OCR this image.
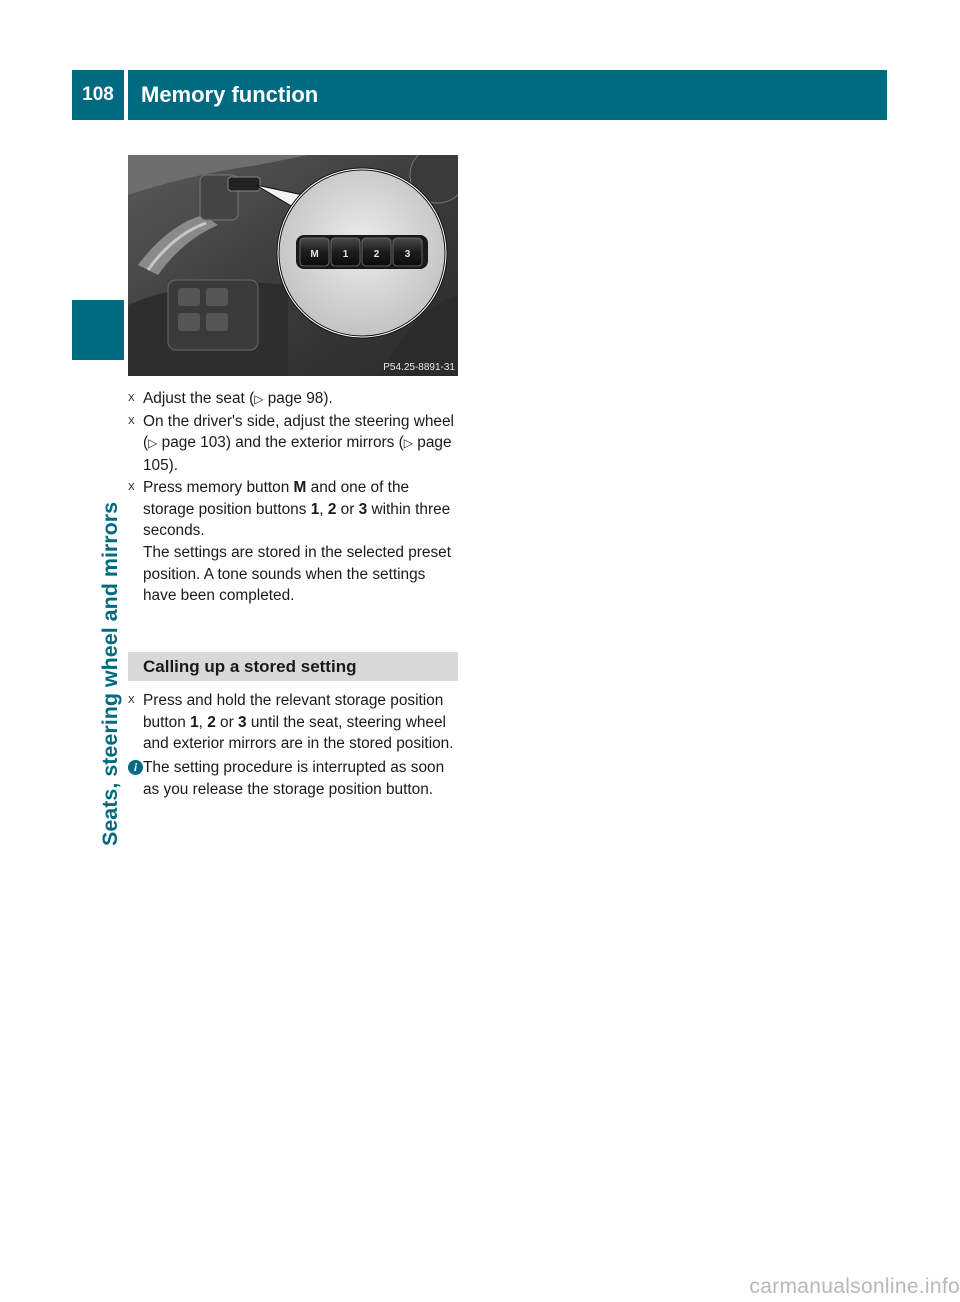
108	Memory function
Seats, steering wheel and mirrors
M 1	2	3
P54.25-8891-31

X Adjust the seat (▷ page 98).

X On the driver's side, adjust the steering wheel (▷ page 103) and the exterior mirrors (▷ page 105).

X Press memory button M and one of the storage position buttons 1, 2 or 3 within three seconds.
The settings are stored in the selected preset position. A tone sounds when the settings have been completed.

Calling up a stored setting

X Press and hold the relevant storage position button 1, 2 or 3 until the seat, steering wheel and exterior mirrors are in the stored position.

i The setting procedure is interrupted as soon as you release the storage position button.

carmanualsonline.info
